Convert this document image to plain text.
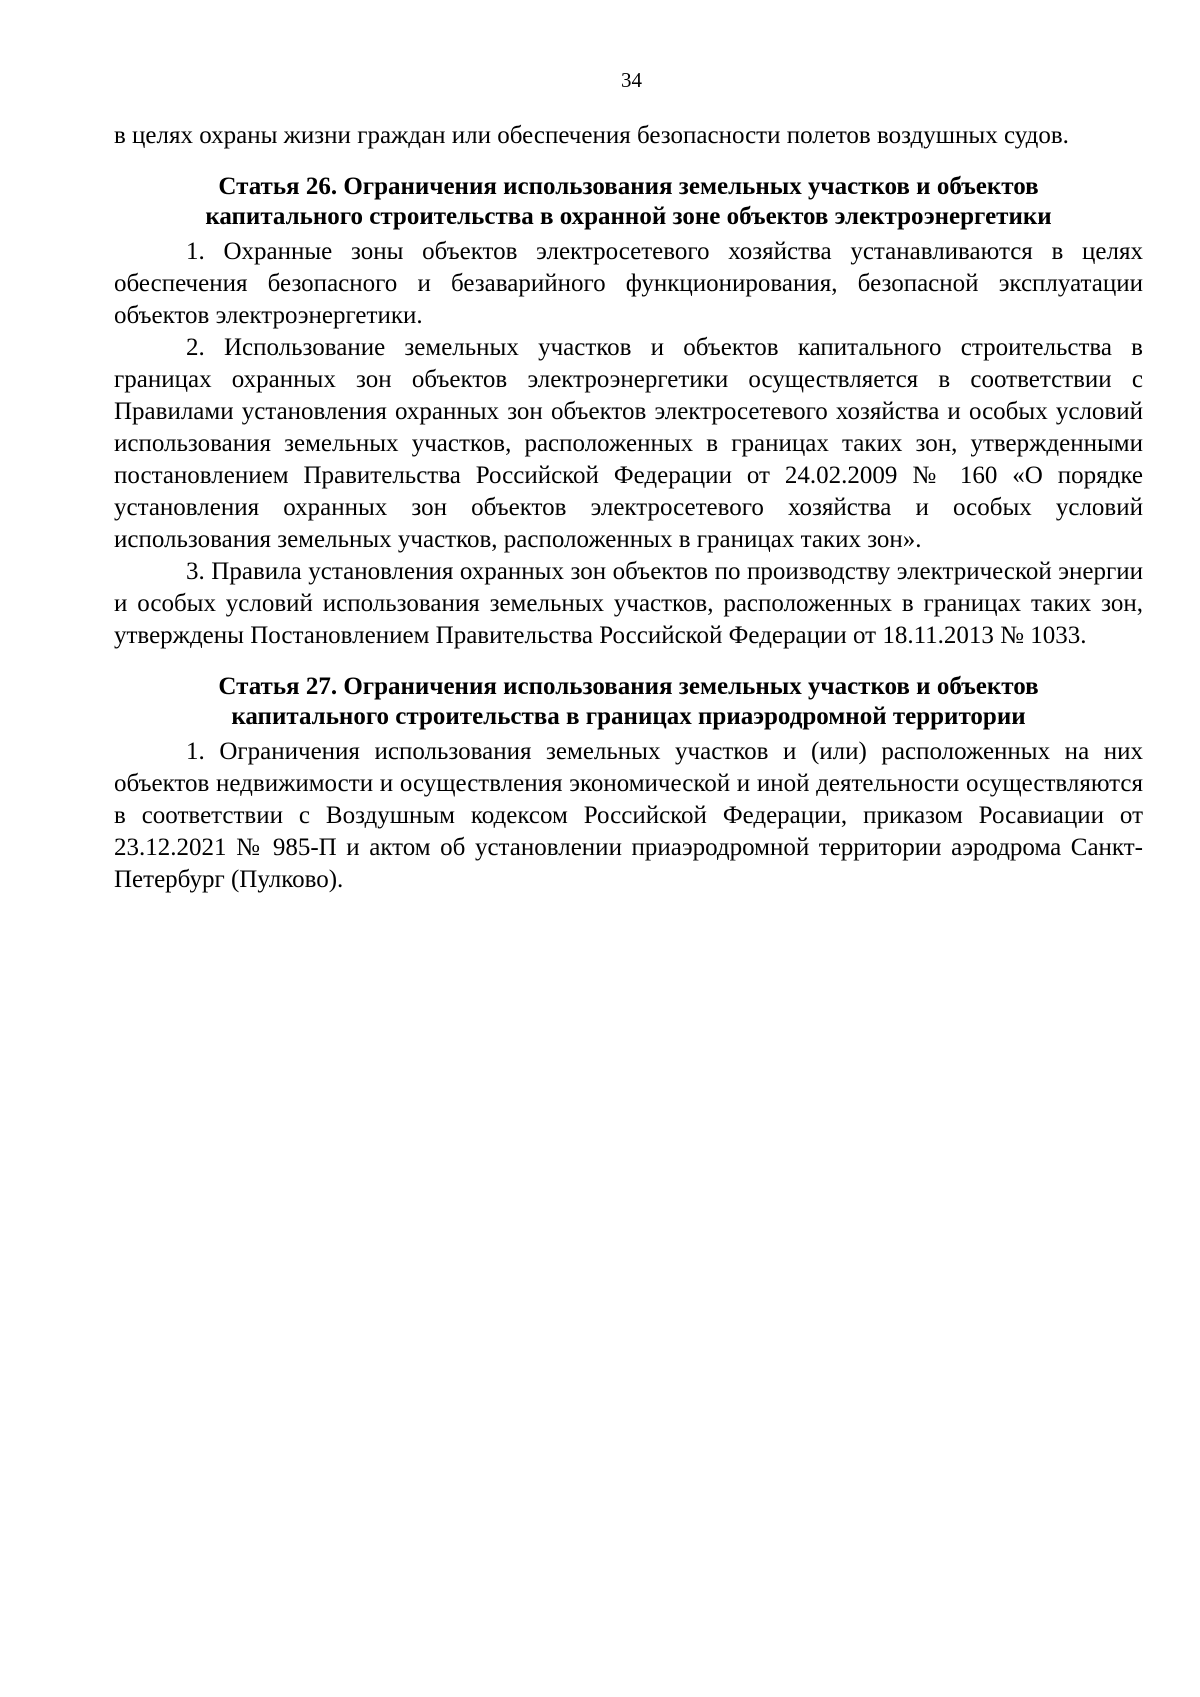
34

в целях охраны жизни граждан или обеспечения безопасности полетов воздушных судов.

Статья 26. Ограничения использования земельных участков и объектов
капитального строительства в охранной зоне объектов электроэнергетики

1. Охранные зоны объектов электросетевого хозяйства устанавливаются в целях обеспечения безопасного и безаварийного функционирования, безопасной эксплуатации объектов электроэнергетики.

2. Использование земельных участков и объектов капитального строительства в границах охранных зон объектов электроэнергетики осуществляется в соответствии с Правилами установления охранных зон объектов электросетевого хозяйства и особых условий использования земельных участков, расположенных в границах таких зон, утвержденными постановлением Правительства Российской Федерации от 24.02.2009 № 160 «О порядке установления охранных зон объектов электросетевого хозяйства и особых условий использования земельных участков, расположенных в границах таких зон».

3. Правила установления охранных зон объектов по производству электрической энергии и особых условий использования земельных участков, расположенных в границах таких зон, утверждены Постановлением Правительства Российской Федерации от 18.11.2013 № 1033.

Статья 27. Ограничения использования земельных участков и объектов
капитального строительства в границах приаэродромной территории

1. Ограничения использования земельных участков и (или) расположенных на них объектов недвижимости и осуществления экономической и иной деятельности осуществляются в соответствии с Воздушным кодексом Российской Федерации, приказом Росавиации от 23.12.2021 № 985-П и актом об установлении приаэродромной территории аэродрома Санкт-Петербург (Пулково).
